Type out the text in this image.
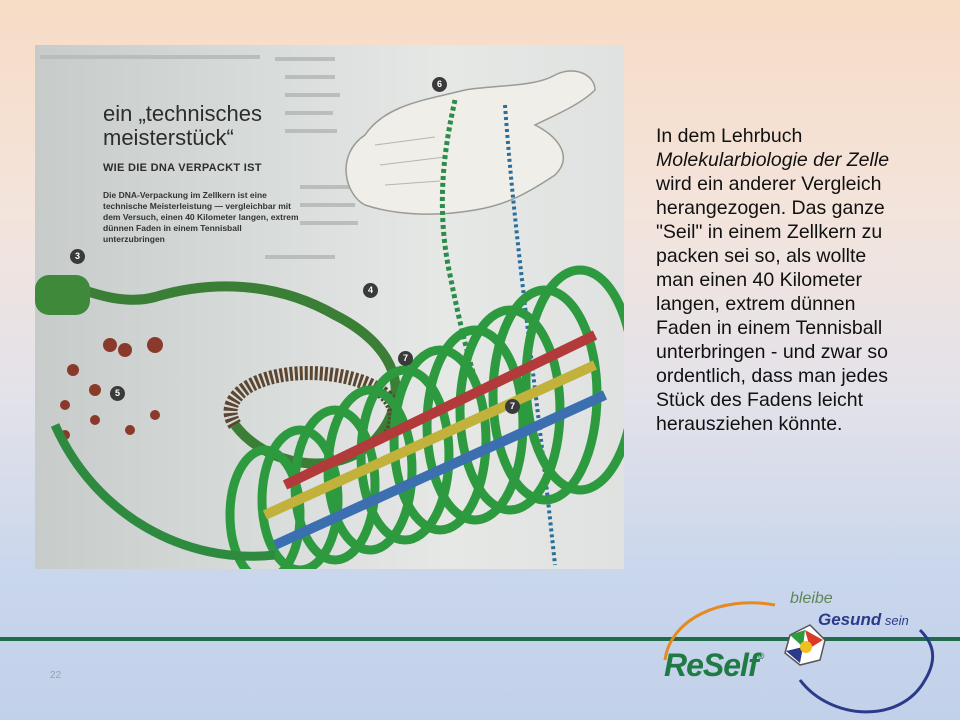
ein „technisches
meisterstück“
WIE DIE DNA VERPACKT IST
Die DNA-Verpackung im Zellkern ist eine technische Meisterleistung — vergleichbar mit dem Versuch, einen 40 Kilometer langen, extrem dünnen Faden in einem Tennisball unterzubringen
3
4
5
6
7
7
In dem Lehrbuch Molekularbiologie der Zelle wird ein anderer Vergleich herangezogen. Das ganze "Seil" in einem Zellkern zu packen sei so, als wollte man einen 40 Kilometer langen, extrem dünnen Faden in einem Tennisball unterbringen - und zwar so ordentlich, dass man jedes Stück des Fadens leicht herausziehen könnte.
22
bleibe
Gesund sein
ReSelf®
